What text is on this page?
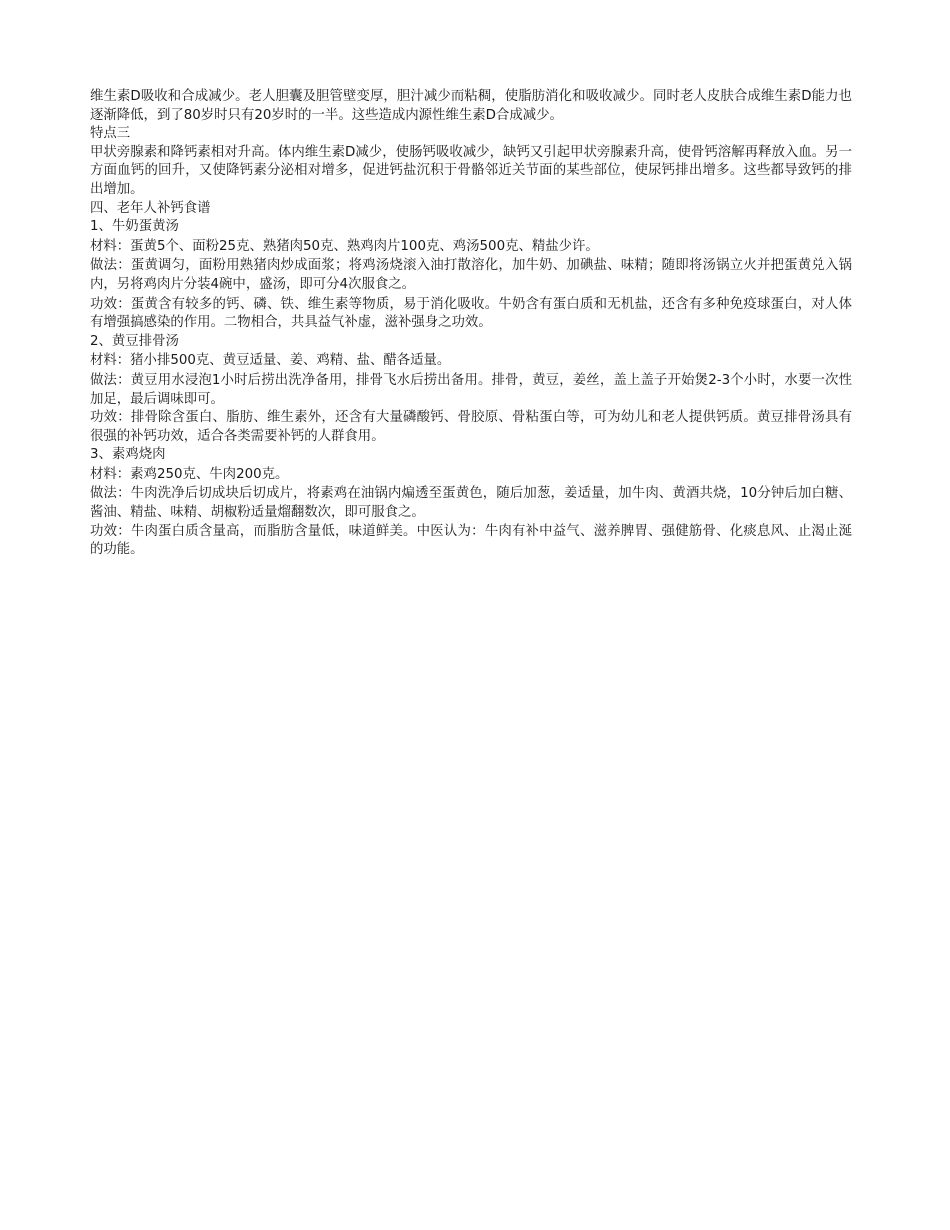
维生素D吸收和合成减少。老人胆囊及胆管壁变厚，胆汁减少而粘稠，使脂肪消化和吸收减少。同时老人皮肤合成维生素D能力也逐渐降低，到了80岁时只有20岁时的一半。这些造成内源性维生素D合成减少。

特点三

甲状旁腺素和降钙素相对升高。体内维生素D减少，使肠钙吸收减少，缺钙又引起甲状旁腺素升高，使骨钙溶解再释放入血。另一方面血钙的回升，又使降钙素分泌相对增多，促进钙盐沉积于骨骼邻近关节面的某些部位，使尿钙排出增多。这些都导致钙的排出增加。

四、老年人补钙食谱

1、牛奶蛋黄汤

材料：蛋黄5个、面粉25克、熟猪肉50克、熟鸡肉片100克、鸡汤500克、精盐少许。

做法：蛋黄调匀，面粉用熟猪肉炒成面浆；将鸡汤烧滚入油打散溶化，加牛奶、加碘盐、味精；随即将汤锅立火并把蛋黄兑入锅内，另将鸡肉片分装4碗中，盛汤，即可分4次服食之。

功效：蛋黄含有较多的钙、磷、铁、维生素等物质，易于消化吸收。牛奶含有蛋白质和无机盐，还含有多种免疫球蛋白，对人体有增强搞感染的作用。二物相合，共具益气补虚，滋补强身之功效。

2、黄豆排骨汤

材料：猪小排500克、黄豆适量、姜、鸡精、盐、醋各适量。

做法：黄豆用水浸泡1小时后捞出洗净备用，排骨飞水后捞出备用。排骨，黄豆，姜丝，盖上盖子开始煲2-3个小时，水要一次性加足，最后调味即可。

功效：排骨除含蛋白、脂肪、维生素外，还含有大量磷酸钙、骨胶原、骨粘蛋白等，可为幼儿和老人提供钙质。黄豆排骨汤具有很强的补钙功效，适合各类需要补钙的人群食用。

3、素鸡烧肉

材料：素鸡250克、牛肉200克。

做法：牛肉洗净后切成块后切成片，将素鸡在油锅内煸透至蛋黄色，随后加葱，姜适量，加牛肉、黄酒共烧，10分钟后加白糖、酱油、精盐、味精、胡椒粉适量熘翻数次，即可服食之。

功效：牛肉蛋白质含量高，而脂肪含量低，味道鲜美。中医认为：牛肉有补中益气、滋养脾胃、强健筋骨、化痰息风、止渴止涎的功能。
